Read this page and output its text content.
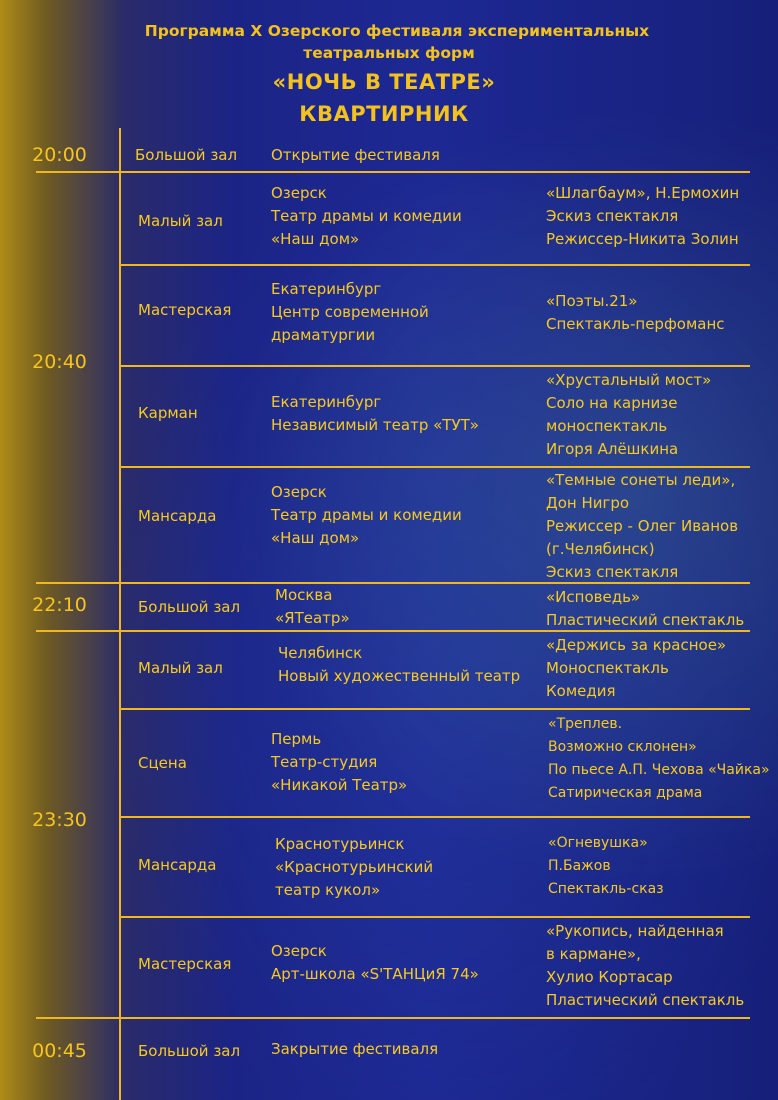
Программа X Озерского фестиваля экспериментальных
театральных форм
«НОЧЬ В ТЕАТРЕ»
КВАРТИРНИК
20:00
20:40
22:10
23:30
00:45
Большой зал Открытие фестиваля
Малый зал
Озерск
Театр драмы и комедии
«Наш дом»
«Шлагбаум», Н.Ермохин
Эскиз спектакля
Режиссер-Никита Золин
Мастерская
Екатеринбург
Центр современной
драматургии
«Поэты.21»
Спектакль-перфоманс
Карман
Екатеринбург
Независимый театр «ТУТ»
«Хрустальный мост»
Соло на карнизе
моноспектакль
Игоря Алёшкина
Мансарда
Озерск
Театр драмы и комедии
«Наш дом»
«Темные сонеты леди»,
Дон Нигро
Режиссер - Олег Иванов
(г.Челябинск)
Эскиз спектакля
Большой зал
Москва
«ЯТеатр»
«Исповедь»
Пластический спектакль
Малый зал
Челябинск
Новый художественный театр
«Держись за красное»
Моноспектакль
Комедия
Сцена
Пермь
Театр-студия
«Никакой Театр»
«Треплев.
Возможно склонен»
По пьесе А.П. Чехова «Чайка»
Сатирическая драма
Мансарда
Краснотурьинск
«Краснотурьинский
театр кукол»
«Огневушка»
П.Бажов
Спектакль-сказ
Мастерская
Озерск
Арт-школа «S'ТАНЦиЯ 74»
«Рукопись, найденная
в кармане»,
Хулио Кортасар
Пластический спектакль
Большой зал Закрытие фестиваля
